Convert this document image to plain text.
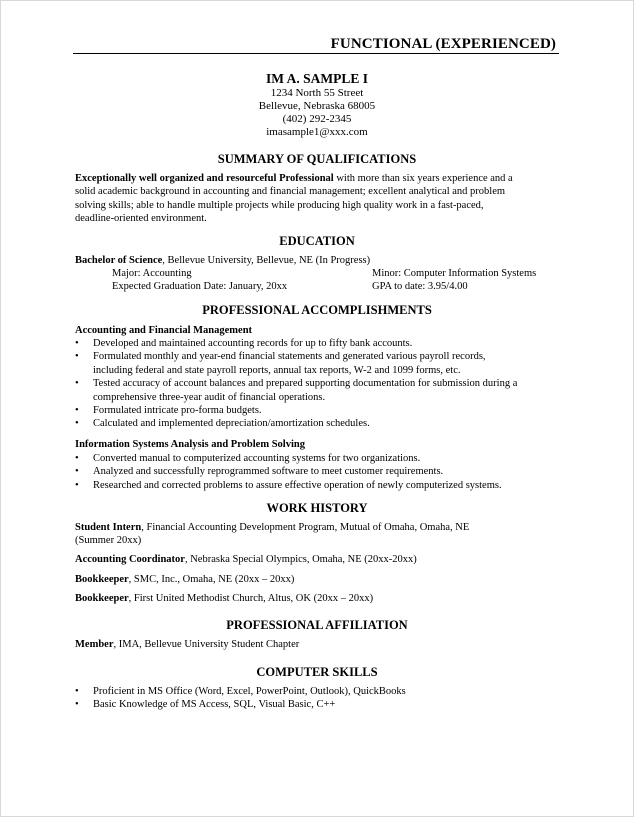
FUNCTIONAL (EXPERIENCED)
IM A. SAMPLE I
1234 North 55 Street
Bellevue, Nebraska 68005
(402) 292-2345
imasample1@xxx.com
SUMMARY OF QUALIFICATIONS
Exceptionally well organized and resourceful Professional with more than six years experience and a
solid academic background in accounting and financial management; excellent analytical and problem
solving skills; able to handle multiple projects while producing high quality work in a fast-paced,
deadline-oriented environment.
EDUCATION
Bachelor of Science, Bellevue University, Bellevue, NE (In Progress)
Major: Accounting	Minor: Computer Information Systems
Expected Graduation Date: January, 20xx	GPA to date: 3.95/4.00
PROFESSIONAL ACCOMPLISHMENTS
Accounting and Financial Management
• Developed and maintained accounting records for up to fifty bank accounts.
• Formulated monthly and year-end financial statements and generated various payroll records,
including federal and state payroll reports, annual tax reports, W-2 and 1099 forms, etc.
• Tested accuracy of account balances and prepared supporting documentation for submission during a
comprehensive three-year audit of financial operations.
• Formulated intricate pro-forma budgets.
• Calculated and implemented depreciation/amortization schedules.
Information Systems Analysis and Problem Solving
• Converted manual to computerized accounting systems for two organizations.
• Analyzed and successfully reprogrammed software to meet customer requirements.
• Researched and corrected problems to assure effective operation of newly computerized systems.
WORK HISTORY
Student Intern, Financial Accounting Development Program, Mutual of Omaha, Omaha, NE
(Summer 20xx)
Accounting Coordinator, Nebraska Special Olympics, Omaha, NE (20xx-20xx)
Bookkeeper, SMC, Inc., Omaha, NE (20xx – 20xx)
Bookkeeper, First United Methodist Church, Altus, OK (20xx – 20xx)
PROFESSIONAL AFFILIATION
Member, IMA, Bellevue University Student Chapter
COMPUTER SKILLS
• Proficient in MS Office (Word, Excel, PowerPoint, Outlook), QuickBooks
• Basic Knowledge of MS Access, SQL, Visual Basic, C++
